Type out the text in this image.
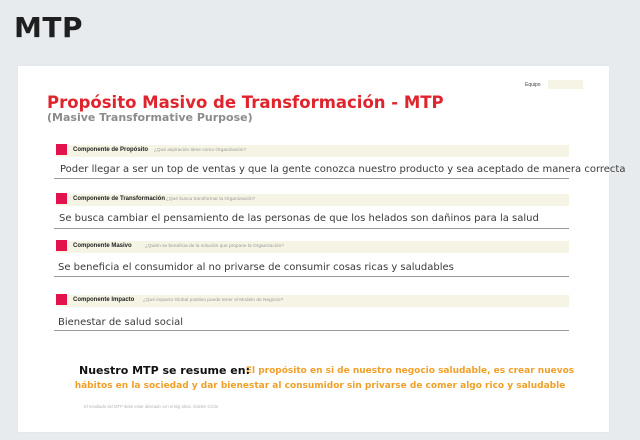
MTP
Equipo
Propósito Masivo de Transformación - MTP
(Masive Transformative Purpose)
Componente de Propósito ¿Qué aspiración tiene como Organización?
Poder llegar a ser un top de ventas y que la gente conozca nuestro producto y sea aceptado de manera correcta
Componente de Transformación ¿Qué busca transformar la Organización?
Se busca cambiar el pensamiento de las personas de que los helados son dañinos para la salud
Componente Masivo	¿Quién se beneficia de la solución que propone la Organización?
Se beneficia el consumidor al no privarse de consumir cosas ricas y saludables
Componente Impacto ¿Qué impacto Global positivo puede tener el Modelo de Negocio?
Bienestar de salud social
El propósito en si de nuestro negocio saludable, es crear nuevos hábitos en la sociedad y dar bienestar al consumidor sin privarse de comer algo rico y saludable
Nuestro MTP se resume en:
El resultado del MTP debe estar alineado con el Big Ideal, Golden Circle
